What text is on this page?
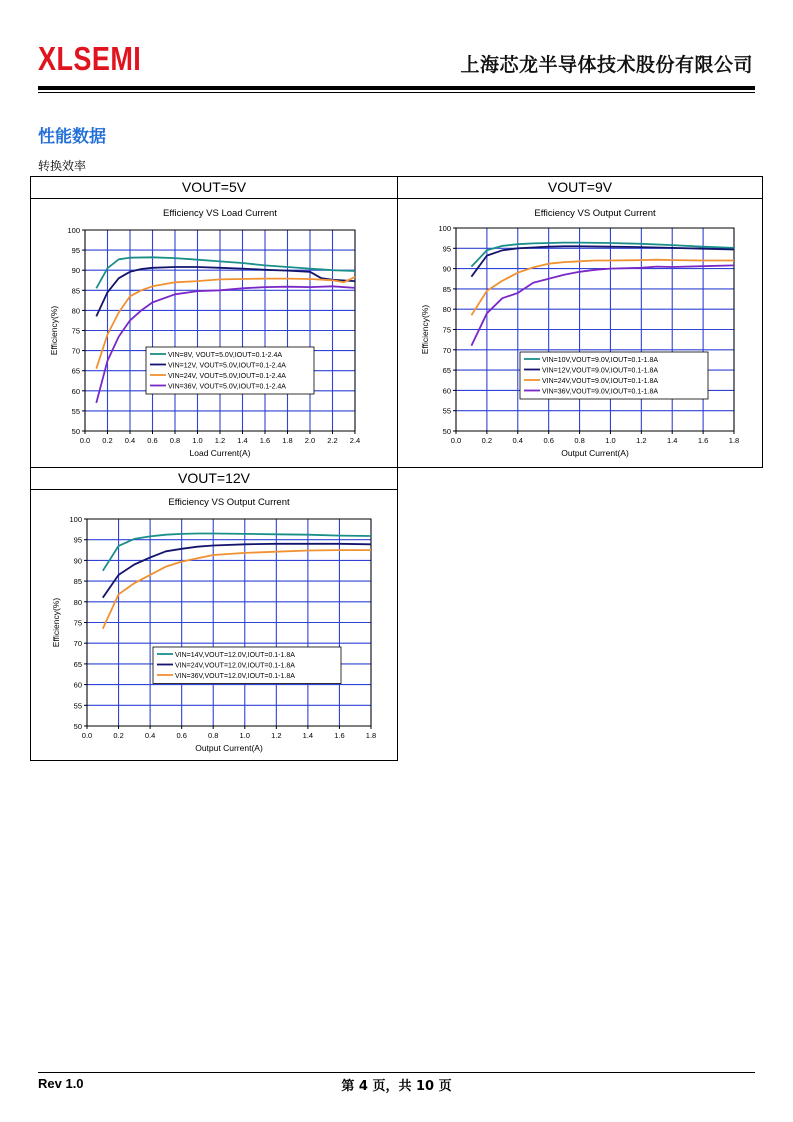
XLSEMI	上海芯龙半导体技术股份有限公司
性能数据
转换效率
VOUT=5V
Efficiency VS Load Current
0.0 0.2 0.4 0.6 0.8 1.0 1.2 1.4 1.6 1.8 2.0 2.2 2.4
50
55
60
65
70
75
80
85
90
95
100
Load Current(A)
Efficiency(%)
VIN=8V, VOUT=5.0V,IOUT=0.1-2.4A
VIN=12V, VOUT=5.0V,IOUT=0.1-2.4A
VIN=24V, VOUT=5.0V,IOUT=0.1-2.4A
VIN=36V, VOUT=5.0V,IOUT=0.1-2.4A
VOUT=9V
Efficiency VS Output Current
0.0	0.2	0.4	0.6	0.8	1.0	1.2	1.4	1.6	1.8
50
55
60
65
70
75
80
85
90
95
100
Output Current(A)
Efficiency(%)
VIN=10V,VOUT=9.0V,IOUT=0.1-1.8A
VIN=12V,VOUT=9.0V,IOUT=0.1-1.8A
VIN=24V,VOUT=9.0V,IOUT=0.1-1.8A
VIN=36V,VOUT=9.0V,IOUT=0.1-1.8A
VOUT=12V
Efficiency VS Output Current
0.0	0.2	0.4	0.6	0.8	1.0	1.2	1.4	1.6	1.8
50
55
60
65
70
75
80
85
90
95
100
Output Current(A)
Efficiency(%)
VIN=14V,VOUT=12.0V,IOUT=0.1-1.8A
VIN=24V,VOUT=12.0V,IOUT=0.1-1.8A
VIN=36V,VOUT=12.0V,IOUT=0.1-1.8A
Rev 1.0	第 4 页，共 10 页
